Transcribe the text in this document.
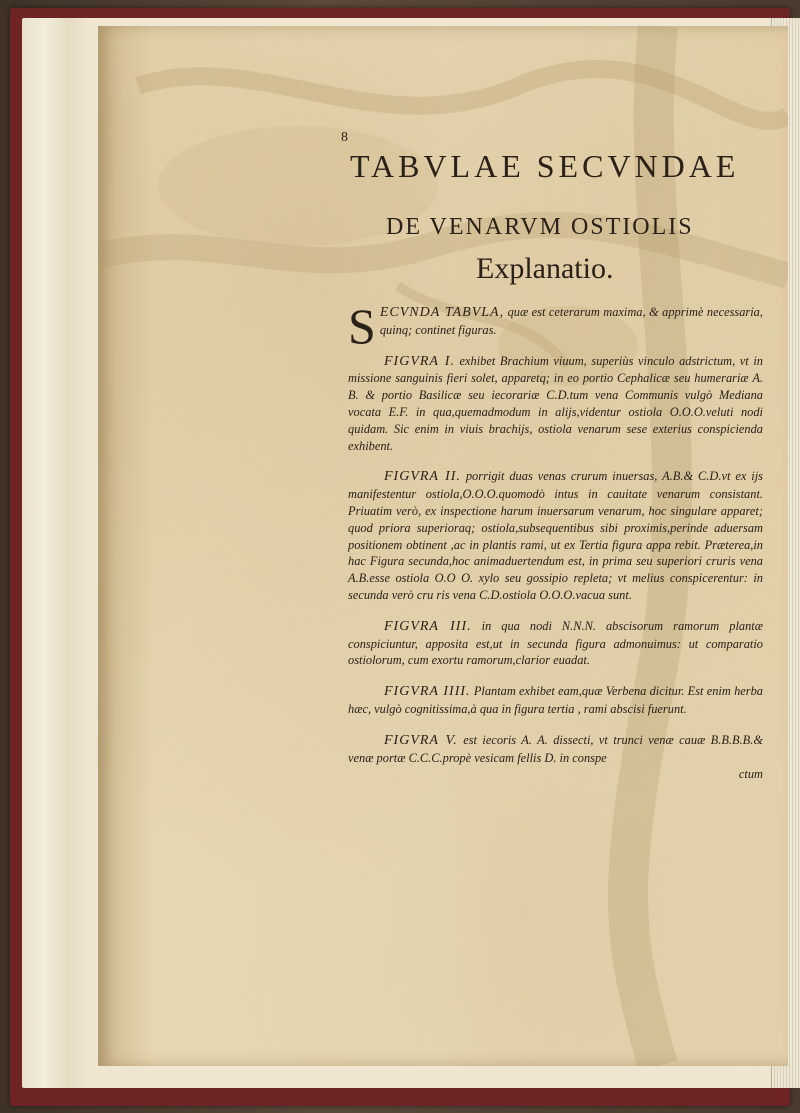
8
TABVLAE SECVNDAE
DE VENARVM OSTIOLIS
Explanatio.

S ECVNDA TABVLA, quæ est ceterarum maxima, & apprimè necessaria, quinq; continet figuras.

FIGVRA I. exhibet Brachium viuum, superiùs vinculo adstrictum, vt in missione sanguinis fieri solet, apparetq; in eo portio Cephalicæ seu humerariæ A. B. & portio Basilicæ seu iecorariæ C.D.tum vena Communis vulgò Mediana vocata E.F. in qua,quemadmodum in alijs,videntur ostiola O.O.O.veluti nodi quidam. Sic enim in viuis brachijs, ostiola venarum sese exterius conspicienda exhibent.

FIGVRA II. porrigit duas venas crurum inuersas, A.B.& C.D.vt ex ijs manifestentur ostiola,O.O.O.quomodò intus in cauitate venarum consistant. Priuatim verò, ex inspectione harum inuersarum venarum, hoc singulare apparet; quod priora superioraq; ostiola,subsequentibus sibi proximis,perinde aduersam positionem obtinent ,ac in plantis rami, ut ex Tertia figura appa rebit. Præterea,in hac Figura secunda,hoc animaduertendum est, in prima seu superiori cruris vena A.B.esse ostiola O.O O. xylo seu gossipio repleta; vt melius conspicerentur: in secunda verò cru ris vena C.D.ostiola O.O.O.vacua sunt.

FIGVRA III. in qua nodi N.N.N. abscisorum ramorum plantæ conspiciuntur, apposita est,ut in secunda figura admonuimus: ut comparatio ostiolorum, cum exortu ramorum,clarior euadat.

FIGVRA IIII. Plantam exhibet eam,quæ Verbena dicitur. Est enim herba hæc, vulgò cognitissima,à qua in figura tertia , rami abscisi fuerunt.

FIGVRA V. est iecoris A. A. dissecti, vt trunci venæ cauæ B.B.B.B.& venæ portæ C.C.C.propè vesicam fellis D. in conspe
ctum
